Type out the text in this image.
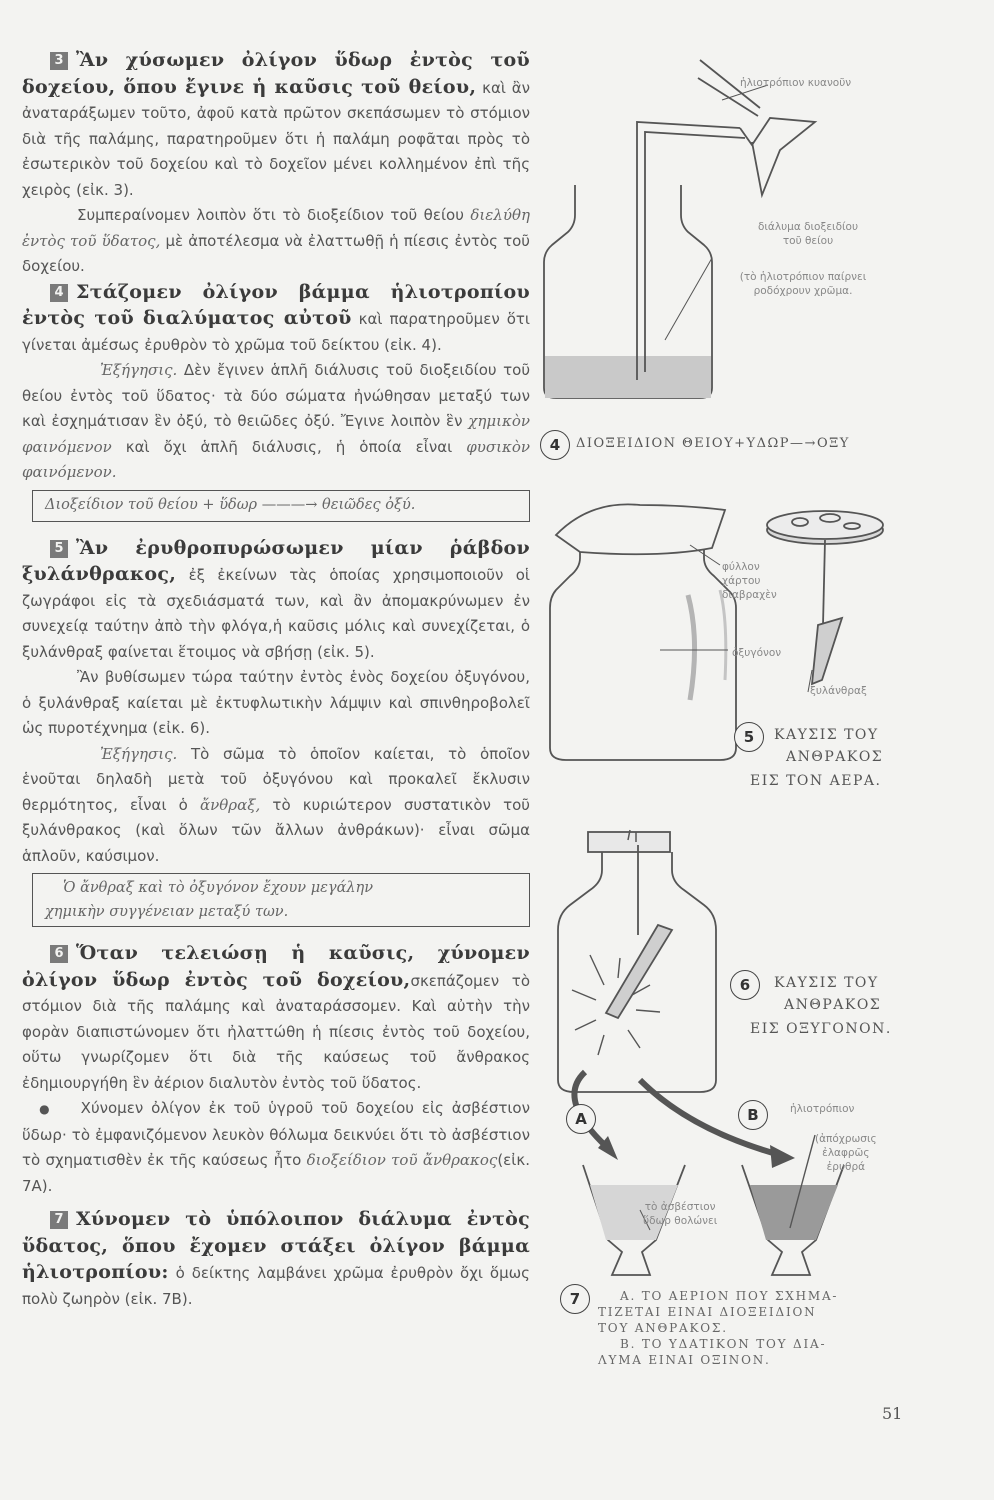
3 Ἂν χύσωμεν ὀλίγον ὕδωρ ἐντὸς τοῦ δοχείου, ὅπου ἔγινε ἡ καῦσις τοῦ θείου, καὶ ἂν ἀναταράξωμεν τοῦτο, ἀφοῦ κατὰ πρῶτον σκεπάσωμεν τὸ στόμιον διὰ τῆς παλάμης, παρατηροῦμεν ὅτι ἡ παλάμη ροφᾶται πρὸς τὸ ἐσωτερικὸν τοῦ δοχείου καὶ τὸ δοχεῖον μένει κολλημένον ἐπὶ τῆς χειρὸς (εἰκ. 3).

Συμπεραίνομεν λοιπὸν ὅτι τὸ διοξείδιον τοῦ θείου διελύθη ἐντὸς τοῦ ὕδατος, μὲ ἀποτέλεσμα νὰ ἐλαττωθῇ ἡ πίεσις ἐντὸς τοῦ δοχείου.

4 Στάζομεν ὀλίγον βάμμα ἡλιοτροπίου ἐντὸς τοῦ διαλύματος αὐτοῦ καὶ παρατηροῦμεν ὅτι γίνεται ἀμέσως ἐρυθρὸν τὸ χρῶμα τοῦ δείκτου (εἰκ. 4).

Ἐξήγησις. Δὲν ἔγινεν ἁπλῆ διάλυσις τοῦ διοξειδίου τοῦ θείου ἐντὸς τοῦ ὕδατος· τὰ δύο σώματα ἠνώθησαν μεταξύ των καὶ ἐσχημάτισαν ἓν ὀξύ, τὸ θειῶδες ὀξύ. Ἔγινε λοιπὸν ἓν χημικὸν φαινόμενον καὶ ὄχι ἁπλῆ διάλυσις, ἡ ὁποία εἶναι φυσικὸν φαινόμενον.

Διοξείδιον τοῦ θείου + ὕδωρ ———→ θειῶδες ὀξύ.

5 Ἂν ἐρυθροπυρώσωμεν μίαν ῥάβδον ξυλάνθρακος, ἐξ ἐκείνων τὰς ὁποίας χρησιμοποιοῦν οἱ ζωγράφοι εἰς τὰ σχεδιάσματά των, καὶ ἂν ἀπομακρύνωμεν ἐν συνεχείᾳ ταύτην ἀπὸ τὴν φλόγα,ἡ καῦσις μόλις καὶ συνεχίζεται, ὁ ξυλάνθραξ φαίνεται ἕτοιμος νὰ σβήσῃ (εἰκ. 5).

Ἂν βυθίσωμεν τώρα ταύτην ἐντὸς ἑνὸς δοχείου ὀξυγόνου, ὁ ξυλάνθραξ καίεται μὲ ἐκτυφλωτικὴν λάμψιν καὶ σπινθηροβολεῖ ὡς πυροτέχνημα (εἰκ. 6).

Ἐξήγησις. Τὸ σῶμα τὸ ὁποῖον καίεται, τὸ ὁποῖον ἑνοῦται δηλαδὴ μετὰ τοῦ ὀξυγόνου καὶ προκαλεῖ ἔκλυσιν θερμότητος, εἶναι ὁ ἄνθραξ, τὸ κυριώτερον συστατικὸν τοῦ ξυλάνθρακος (καὶ ὅλων τῶν ἄλλων ἀνθράκων)· εἶναι σῶμα ἁπλοῦν, καύσιμον.

Ὁ ἄνθραξ καὶ τὸ ὀξυγόνον ἔχουν μεγάλην
χημικὴν συγγένειαν μεταξύ των.

6 Ὅταν τελειώσῃ ἡ καῦσις, χύνομεν ὀλίγον ὕδωρ ἐντὸς τοῦ δοχείου,σκεπάζομεν τὸ στόμιον διὰ τῆς παλάμης καὶ ἀναταράσσομεν. Καὶ αὐτὴν τὴν φορὰν διαπιστώνομεν ὅτι ἠλαττώθη ἡ πίεσις ἐντὸς τοῦ δοχείου, οὕτω γνωρίζομεν ὅτι διὰ τῆς καύσεως τοῦ ἄνθρακος ἐδημιουργήθη ἓν ἀέριον διαλυτὸν ἐντὸς τοῦ ὕδατος.

● Χύνομεν ὀλίγον ἐκ τοῦ ὑγροῦ τοῦ δοχείου εἰς ἀσβέστιον ὕδωρ· τὸ ἐμφανιζόμενον λευκὸν θόλωμα δεικνύει ὅτι τὸ ἀσβέστιον τὸ σχηματισθὲν ἐκ τῆς καύσεως ἦτο διοξείδιον τοῦ ἄνθρακος(εἰκ. 7Α).

7 Χύνομεν τὸ ὑπόλοιπον διάλυμα ἐντὸς ὕδατος, ὅπου ἔχομεν στάξει ὀλίγον βάμμα ἡλιοτροπίου: ὁ δείκτης λαμβάνει χρῶμα ἐρυθρὸν ὄχι ὅμως πολὺ ζωηρὸν (εἰκ. 7Β).

ἡλιοτρόπιον κυανοῦν
διάλυμα διοξειδίου
τοῦ θείου
(τὸ ἡλιοτρόπιον παίρνει
ροδόχρουν χρῶμα.
4	ΔΙΟΞΕΙΔΙΟΝ ΘΕΙΟΥ+ΥΔΩΡ—→ΟΞΥ
φύλλον
χάρτου
διαβραχὲν
ὀξυγόνον
ξυλάνθραξ
5	ΚΑΥΣΙΣ ΤΟΥ
ΑΝΘΡΑΚΟΣ
ΕΙΣ ΤΟΝ ΑΕΡΑ.
6	ΚΑΥΣΙΣ ΤΟΥ
ΑΝΘΡΑΚΟΣ
ΕΙΣ ΟΞΥΓΟΝΟΝ.
A	B	ἡλιοτρόπιον
(ἀπόχρωσις
ἐλαφρῶς
ἐρυθρά
τὸ ἀσβέστιον
ὕδωρ θολώνει
7	Α. ΤΟ ΑΕΡΙΟΝ ΠΟΥ ΣΧΗΜΑ-
ΤΙΖΕΤΑΙ ΕΙΝΑΙ ΔΙΟΞΕΙΔΙΟΝ
ΤΟΥ ΑΝΘΡΑΚΟΣ.
Β. ΤΟ ΥΔΑΤΙΚΟΝ ΤΟΥ ΔΙΑ-
ΛΥΜΑ ΕΙΝΑΙ ΟΞΙΝΟΝ.
51
